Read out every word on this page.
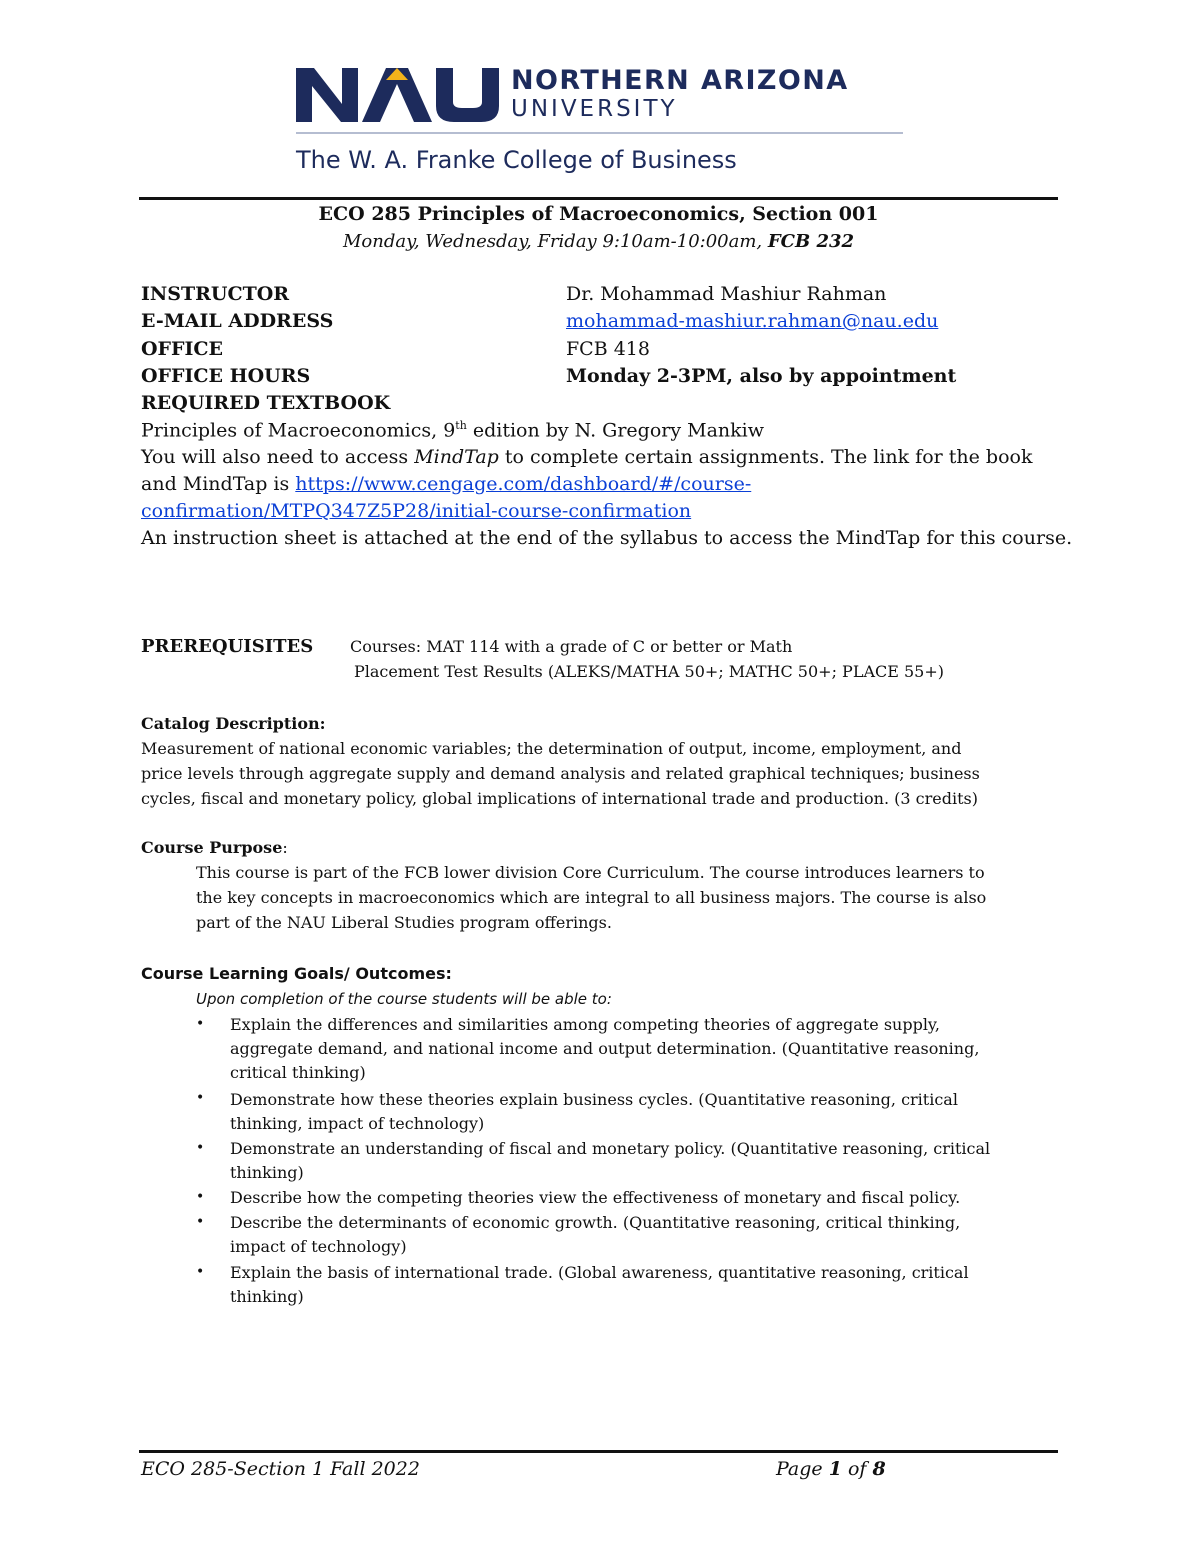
NORTHERN ARIZONA
UNIVERSITY
The W. A. Franke College of Business
ECO 285 Principles of Macroeconomics, Section 001
Monday, Wednesday, Friday 9:10am-10:00am, FCB 232
INSTRUCTOR	Dr. Mohammad Mashiur Rahman
E-MAIL ADDRESS	mohammad-mashiur.rahman@nau.edu
OFFICE	FCB 418
OFFICE HOURS	Monday 2-3PM, also by appointment
REQUIRED TEXTBOOK
Principles of Macroeconomics, 9th edition by N. Gregory Mankiw
You will also need to access MindTap to complete certain assignments. The link for the book
and MindTap is https://www.cengage.com/dashboard/#/course-
confirmation/MTPQ347Z5P28/initial-course-confirmation
An instruction sheet is attached at the end of the syllabus to access the MindTap for this course.
PREREQUISITES Courses: MAT 114 with a grade of C or better or Math
Placement Test Results (ALEKS/MATHA 50+; MATHC 50+; PLACE 55+)
Catalog Description:
Measurement of national economic variables; the determination of output, income, employment, and
price levels through aggregate supply and demand analysis and related graphical techniques; business
cycles, fiscal and monetary policy, global implications of international trade and production. (3 credits)
Course Purpose:
This course is part of the FCB lower division Core Curriculum. The course introduces learners to
the key concepts in macroeconomics which are integral to all business majors. The course is also
part of the NAU Liberal Studies program offerings.
Course Learning Goals/ Outcomes:
Upon completion of the course students will be able to:
• Explain the differences and similarities among competing theories of aggregate supply,
aggregate demand, and national income and output determination. (Quantitative reasoning,
critical thinking)
• Demonstrate how these theories explain business cycles. (Quantitative reasoning, critical
thinking, impact of technology)
• Demonstrate an understanding of fiscal and monetary policy. (Quantitative reasoning, critical
thinking)
• Describe how the competing theories view the effectiveness of monetary and fiscal policy.
• Describe the determinants of economic growth. (Quantitative reasoning, critical thinking,
impact of technology)
• Explain the basis of international trade. (Global awareness, quantitative reasoning, critical
thinking)
ECO 285-Section 1 Fall 2022	Page 1 of 8
